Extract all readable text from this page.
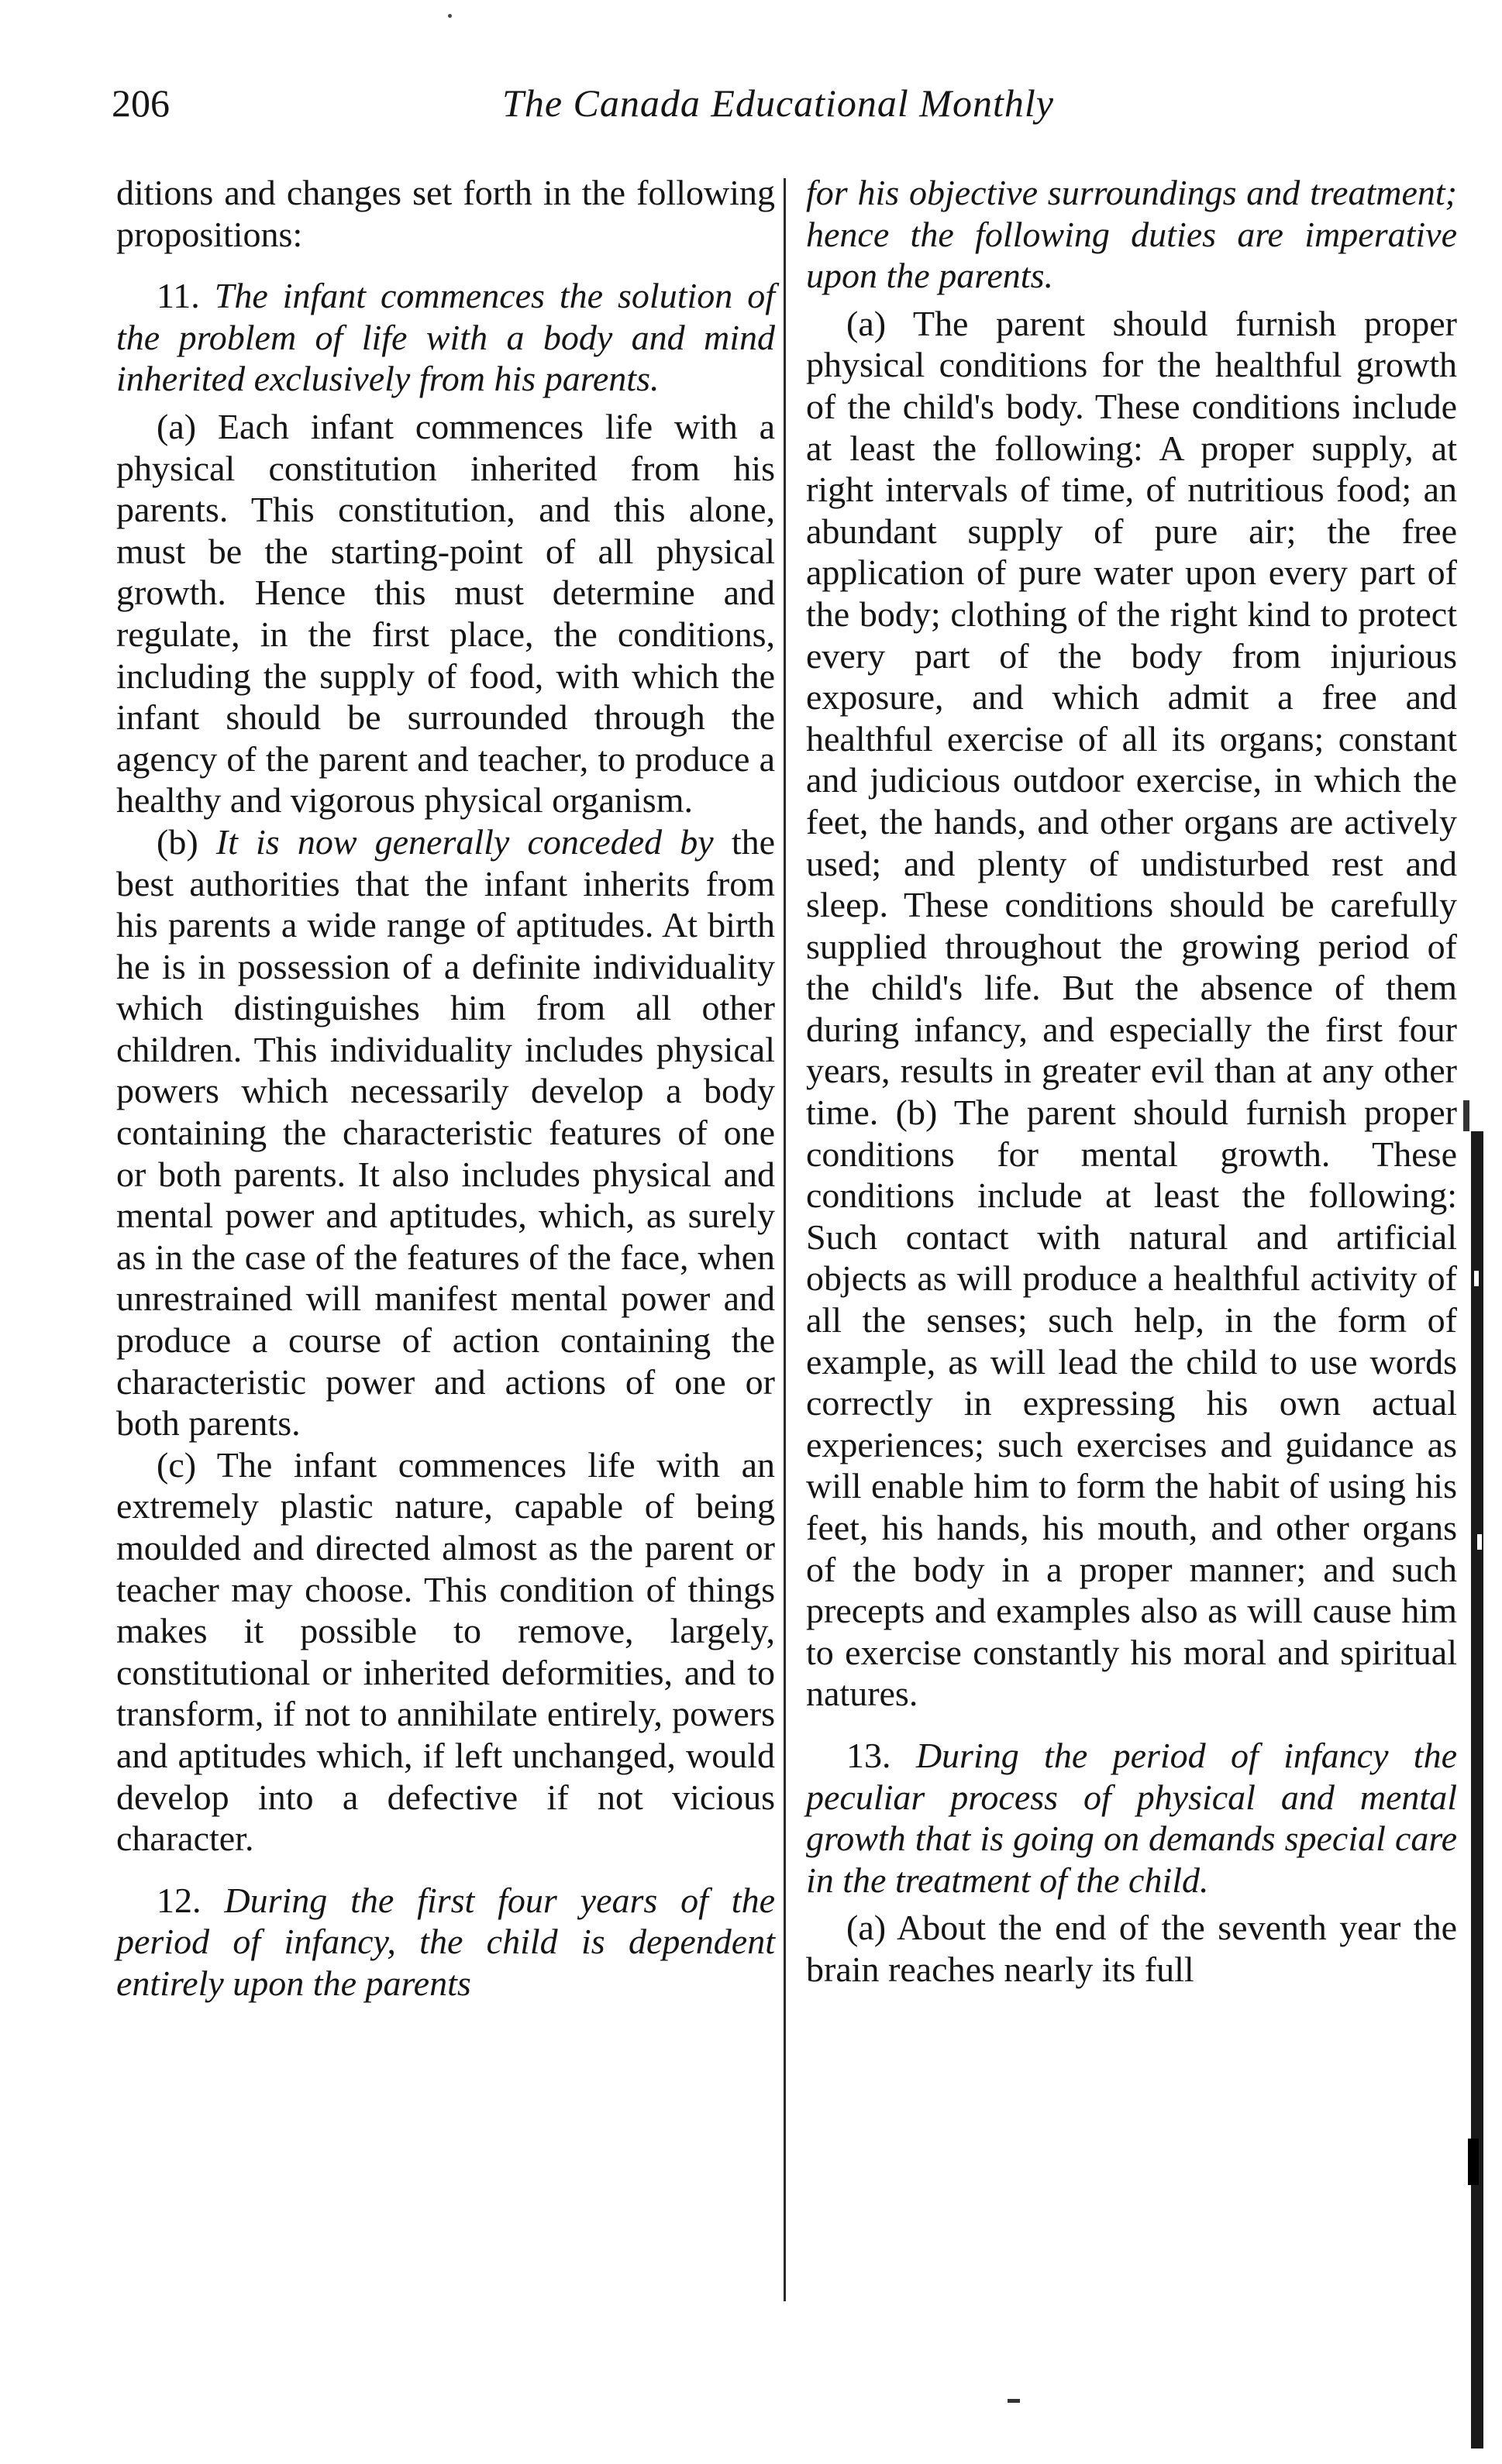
206	The Canada Educational Monthly

ditions and changes set forth in the following propositions:

11. The infant commences the solution of the problem of life with a body and mind inherited exclusively from his parents.

(a) Each infant commences life with a physical constitution inherited from his parents. This constitution, and this alone, must be the starting-point of all physical growth. Hence this must determine and regulate, in the first place, the conditions, including the supply of food, with which the infant should be surrounded through the agency of the parent and teacher, to produce a healthy and vigorous physical organism.

(b) It is now generally conceded by the best authorities that the infant inherits from his parents a wide range of aptitudes. At birth he is in possession of a definite individuality which distinguishes him from all other children. This individuality includes physical powers which necessarily develop a body containing the characteristic features of one or both parents. It also includes physical and mental power and aptitudes, which, as surely as in the case of the features of the face, when unrestrained will manifest mental power and produce a course of action containing the characteristic power and actions of one or both parents.

(c) The infant commences life with an extremely plastic nature, capable of being moulded and directed almost as the parent or teacher may choose. This condition of things makes it possible to remove, largely, constitutional or inherited deformities, and to transform, if not to annihilate entirely, powers and aptitudes which, if left unchanged, would develop into a defective if not vicious character.

12. During the first four years of the period of infancy, the child is dependent entirely upon the parents

for his objective surroundings and treatment; hence the following duties are imperative upon the parents.

(a) The parent should furnish proper physical conditions for the healthful growth of the child's body. These conditions include at least the following: A proper supply, at right intervals of time, of nutritious food; an abundant supply of pure air; the free application of pure water upon every part of the body; clothing of the right kind to protect every part of the body from injurious exposure, and which admit a free and healthful exercise of all its organs; constant and judicious outdoor exercise, in which the feet, the hands, and other organs are actively used; and plenty of undisturbed rest and sleep. These conditions should be carefully supplied throughout the growing period of the child's life. But the absence of them during infancy, and especially the first four years, results in greater evil than at any other time. (b) The parent should furnish proper conditions for mental growth. These conditions include at least the following: Such contact with natural and artificial objects as will produce a healthful activity of all the senses; such help, in the form of example, as will lead the child to use words correctly in expressing his own actual experiences; such exercises and guidance as will enable him to form the habit of using his feet, his hands, his mouth, and other organs of the body in a proper manner; and such precepts and examples also as will cause him to exercise constantly his moral and spiritual natures.

13. During the period of infancy the peculiar process of physical and mental growth that is going on demands special care in the treatment of the child.

(a) About the end of the seventh year the brain reaches nearly its full
